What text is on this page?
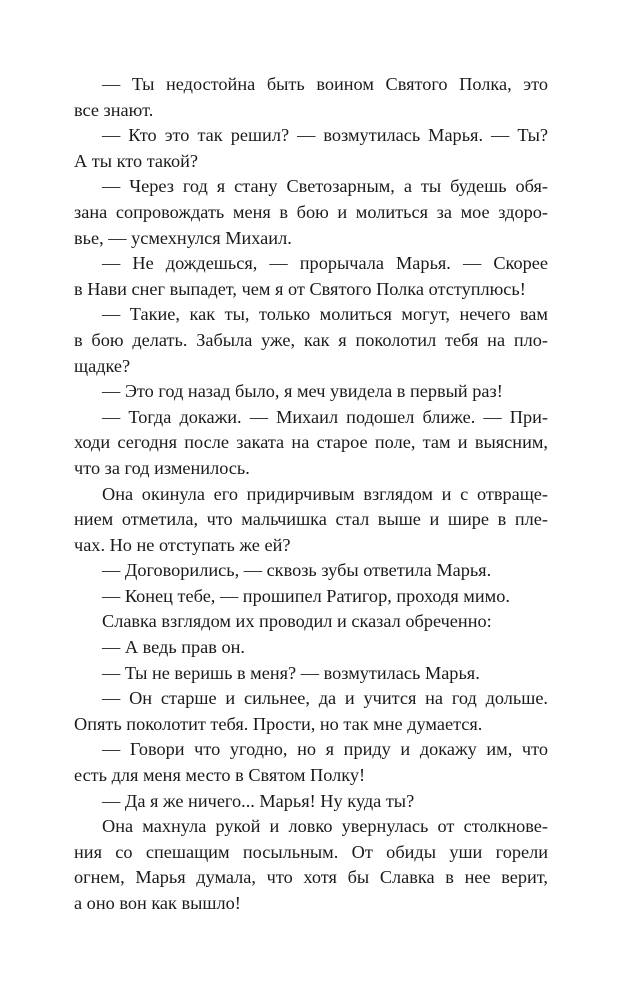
— Ты недостойна быть воином Святого Полка, это
все знают.

— Кто это так решил? — возмутилась Марья. — Ты?
А ты кто такой?

— Через год я стану Светозарным, а ты будешь обя-
зана сопровождать меня в бою и молиться за мое здоро-
вье, — усмехнулся Михаил.

— Не дождешься, — прорычала Марья. — Скорее
в Нави снег выпадет, чем я от Святого Полка отступлюсь!

— Такие, как ты, только молиться могут, нечего вам
в бою делать. Забыла уже, как я поколотил тебя на пло-
щадке?

— Это год назад было, я меч увидела в первый раз!

— Тогда докажи. — Михаил подошел ближе. — При-
ходи сегодня после заката на старое поле, там и выясним,
что за год изменилось.

Она окинула его придирчивым взглядом и с отвраще-
нием отметила, что мальчишка стал выше и шире в пле-
чах. Но не отступать же ей?

— Договорились, — сквозь зубы ответила Марья.

— Конец тебе, — прошипел Ратигор, проходя мимо.

Славка взглядом их проводил и сказал обреченно:

— А ведь прав он.

— Ты не веришь в меня? — возмутилась Марья.

— Он старше и сильнее, да и учится на год дольше.
Опять поколотит тебя. Прости, но так мне думается.

— Говори что угодно, но я приду и докажу им, что
есть для меня место в Святом Полку!

— Да я же ничего... Марья! Ну куда ты?

Она махнула рукой и ловко увернулась от столкнове-
ния со спешащим посыльным. От обиды уши горели
огнем, Марья думала, что хотя бы Славка в нее верит,
а оно вон как вышло!
